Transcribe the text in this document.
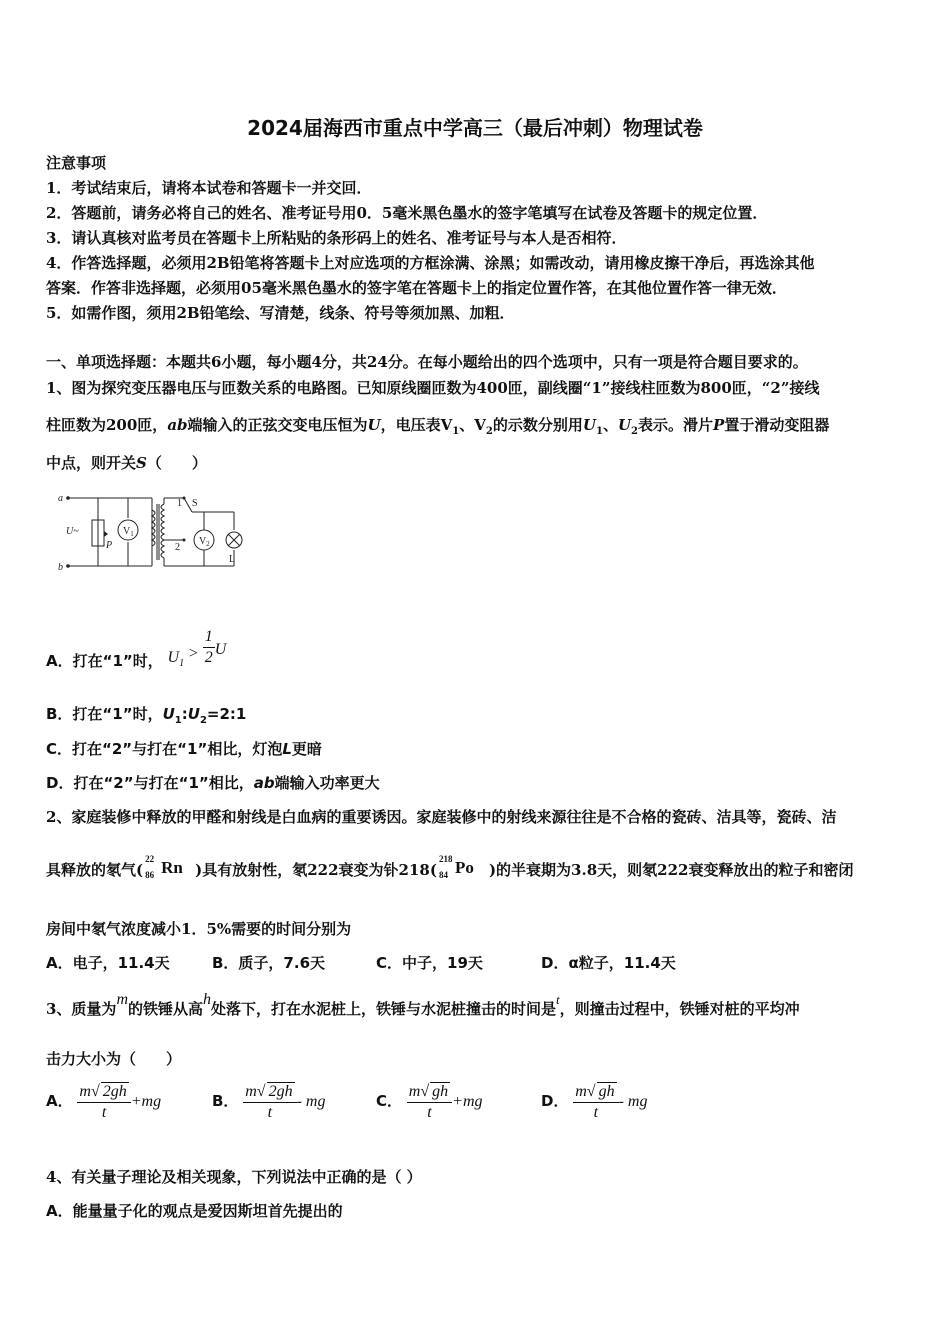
2024届海西市重点中学高三（最后冲刺）物理试卷
注意事项
1．考试结束后，请将本试卷和答题卡一并交回．
2．答题前，请务必将自己的姓名、准考证号用0．5毫米黑色墨水的签字笔填写在试卷及答题卡的规定位置．
3．请认真核对监考员在答题卡上所粘贴的条形码上的姓名、准考证号与本人是否相符．
4．作答选择题，必须用2B铅笔将答题卡上对应选项的方框涂满、涂黑；如需改动，请用橡皮擦干净后，再选涂其他
答案．作答非选择题，必须用05毫米黑色墨水的签字笔在答题卡上的指定位置作答，在其他位置作答一律无效．
5．如需作图，须用2B铅笔绘、写清楚，线条、符号等须加黑、加粗．
一、单项选择题：本题共6小题，每小题4分，共24分。在每小题给出的四个选项中，只有一项是符合题目要求的。
1、图为探究变压器电压与匝数关系的电路图。已知原线圈匝数为400匝，副线圈“1”接线柱匝数为800匝，“2”接线
柱匝数为200匝，ab端输入的正弦交变电压恒为U，电压表$V_1$、$V_2$的示数分别用$U_1$、$U_2$表示。滑片P置于滑动变阻器
中点，则开关S（　　）
a
b
U~
P
S
1
2
L
$V_1$
$V_2$
A．打在“1”时， $U_1 > \frac{1}{2}$ U
B．打在“1”时，$U_1:U_2=2:1$
C．打在“2”与打在“1”相比，灯泡L更暗
D．打在“2”与打在“1”相比，ab端输入功率更大
2、家庭装修中释放的甲醛和射线是白血病的重要诱因。家庭装修中的射线来源往往是不合格的瓷砖、洁具等，瓷砖、洁
具释放的氡气(
22
86 Rn )具有放射性，氡222衰变为钋218(
218
84 Po )的半衰期为3.8天，则氡222衰变释放出的粒子和密闭
房间中氡气浓度减小1．5%需要的时间分别为
A．电子，11.4天	B．质子，7.6天	C．中子，19天	D．α粒子，11.4天
3、质量为m的铁锤从高h处落下，打在水泥桩上，铁锤与水泥桩撞击的时间是t，则撞击过程中，铁锤对桩的平均冲
击力大小为（　　）
A． $\frac{m√ 2gh}{t} +mg$	B． $\frac{m√ 2gh}{t}$ - mg	C． $\frac{m√ gh}{t} +mg$	D． $\frac{m√ gh}{t}$ - mg
4、有关量子理论及相关现象，下列说法中正确的是（ ）
A．能量量子化的观点是爱因斯坦首先提出的
